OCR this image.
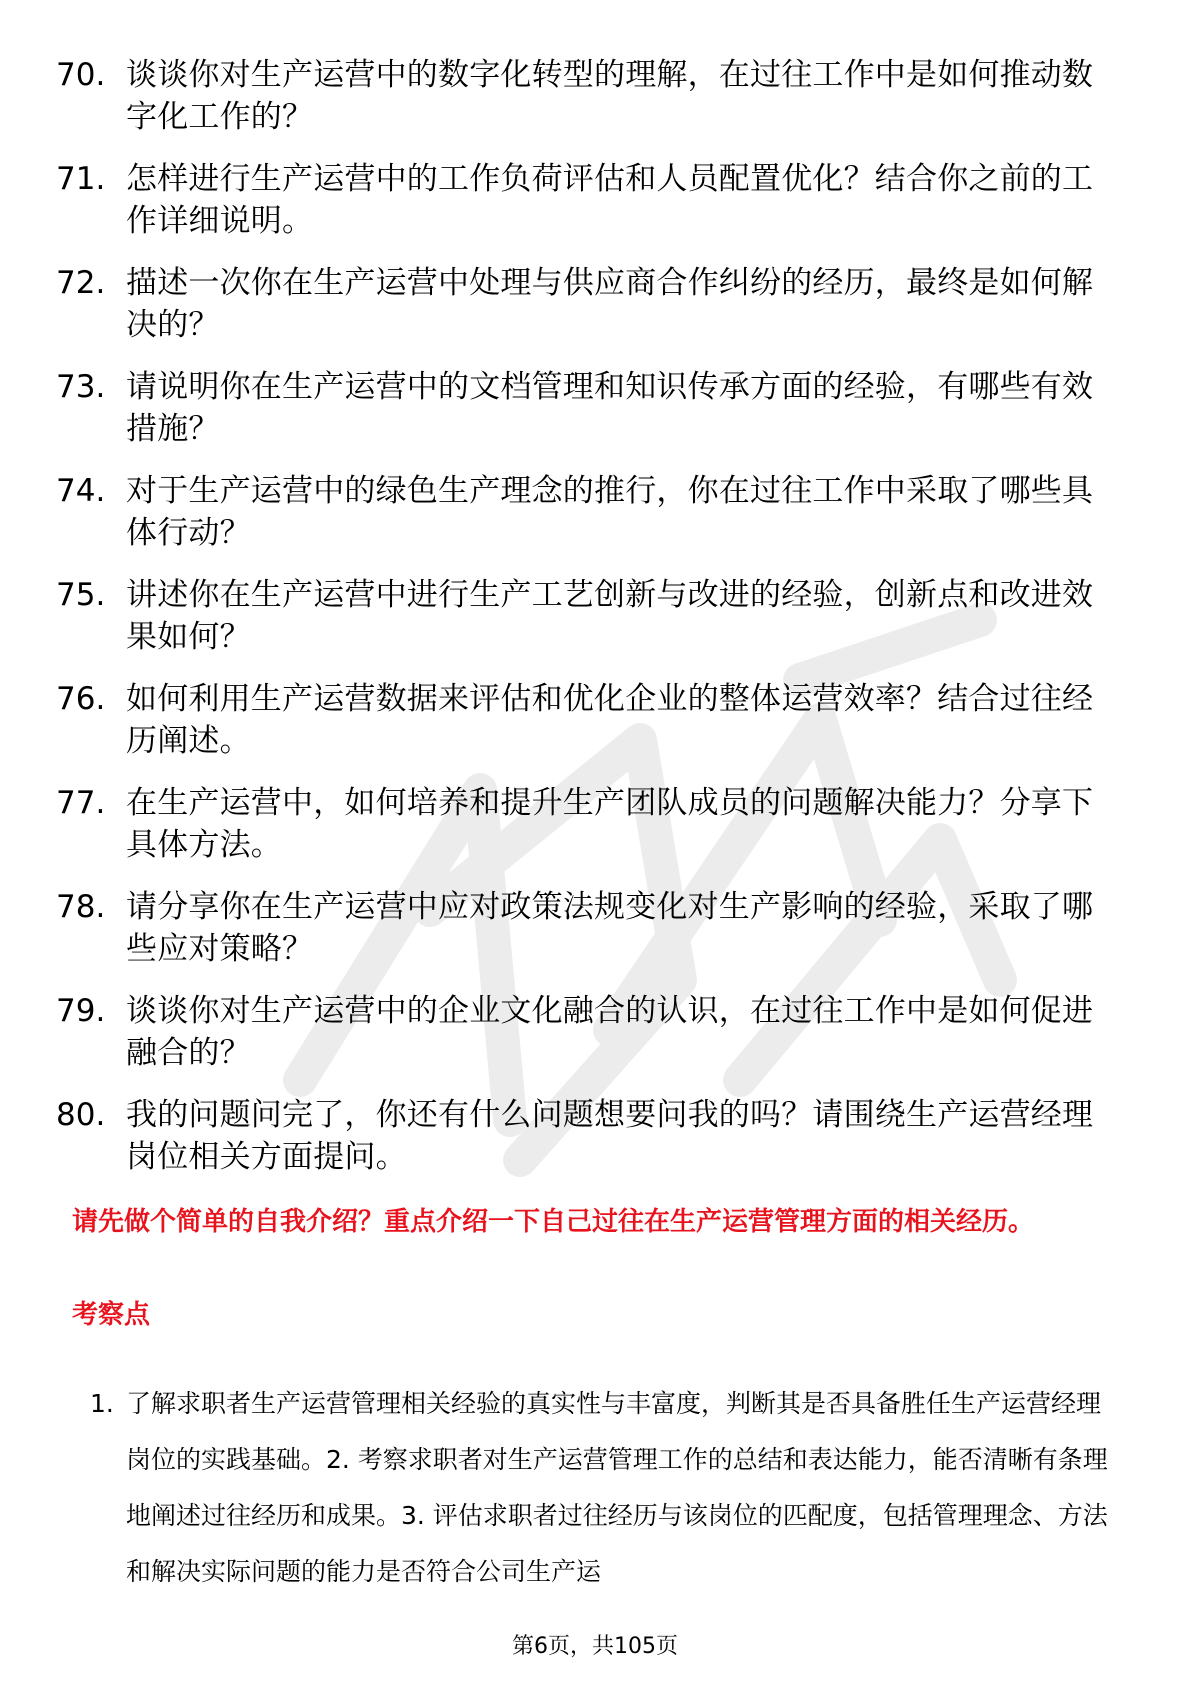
70. 谈谈你对生产运营中的数字化转型的理解，在过往工作中是如何推动数字化工作的？
71. 怎样进行生产运营中的工作负荷评估和人员配置优化？结合你之前的工作详细说明。
72. 描述一次你在生产运营中处理与供应商合作纠纷的经历，最终是如何解决的？
73. 请说明你在生产运营中的文档管理和知识传承方面的经验，有哪些有效措施？
74. 对于生产运营中的绿色生产理念的推行，你在过往工作中采取了哪些具体行动？
75. 讲述你在生产运营中进行生产工艺创新与改进的经验，创新点和改进效果如何？
76. 如何利用生产运营数据来评估和优化企业的整体运营效率？结合过往经历阐述。
77. 在生产运营中，如何培养和提升生产团队成员的问题解决能力？分享下具体方法。
78. 请分享你在生产运营中应对政策法规变化对生产影响的经验，采取了哪些应对策略？
79. 谈谈你对生产运营中的企业文化融合的认识，在过往工作中是如何促进融合的？
80. 我的问题问完了，你还有什么问题想要问我的吗？请围绕生产运营经理岗位相关方面提问。

请先做个简单的自我介绍？重点介绍一下自己过往在生产运营管理方面的相关经历。

考察点

1. 了解求职者生产运营管理相关经验的真实性与丰富度，判断其是否具备胜任生产运营经理岗位的实践基础。2. 考察求职者对生产运营管理工作的总结和表达能力，能否清晰有条理地阐述过往经历和成果。3. 评估求职者过往经历与该岗位的匹配度，包括管理理念、方法和解决实际问题的能力是否符合公司生产运
第6页，共105页
